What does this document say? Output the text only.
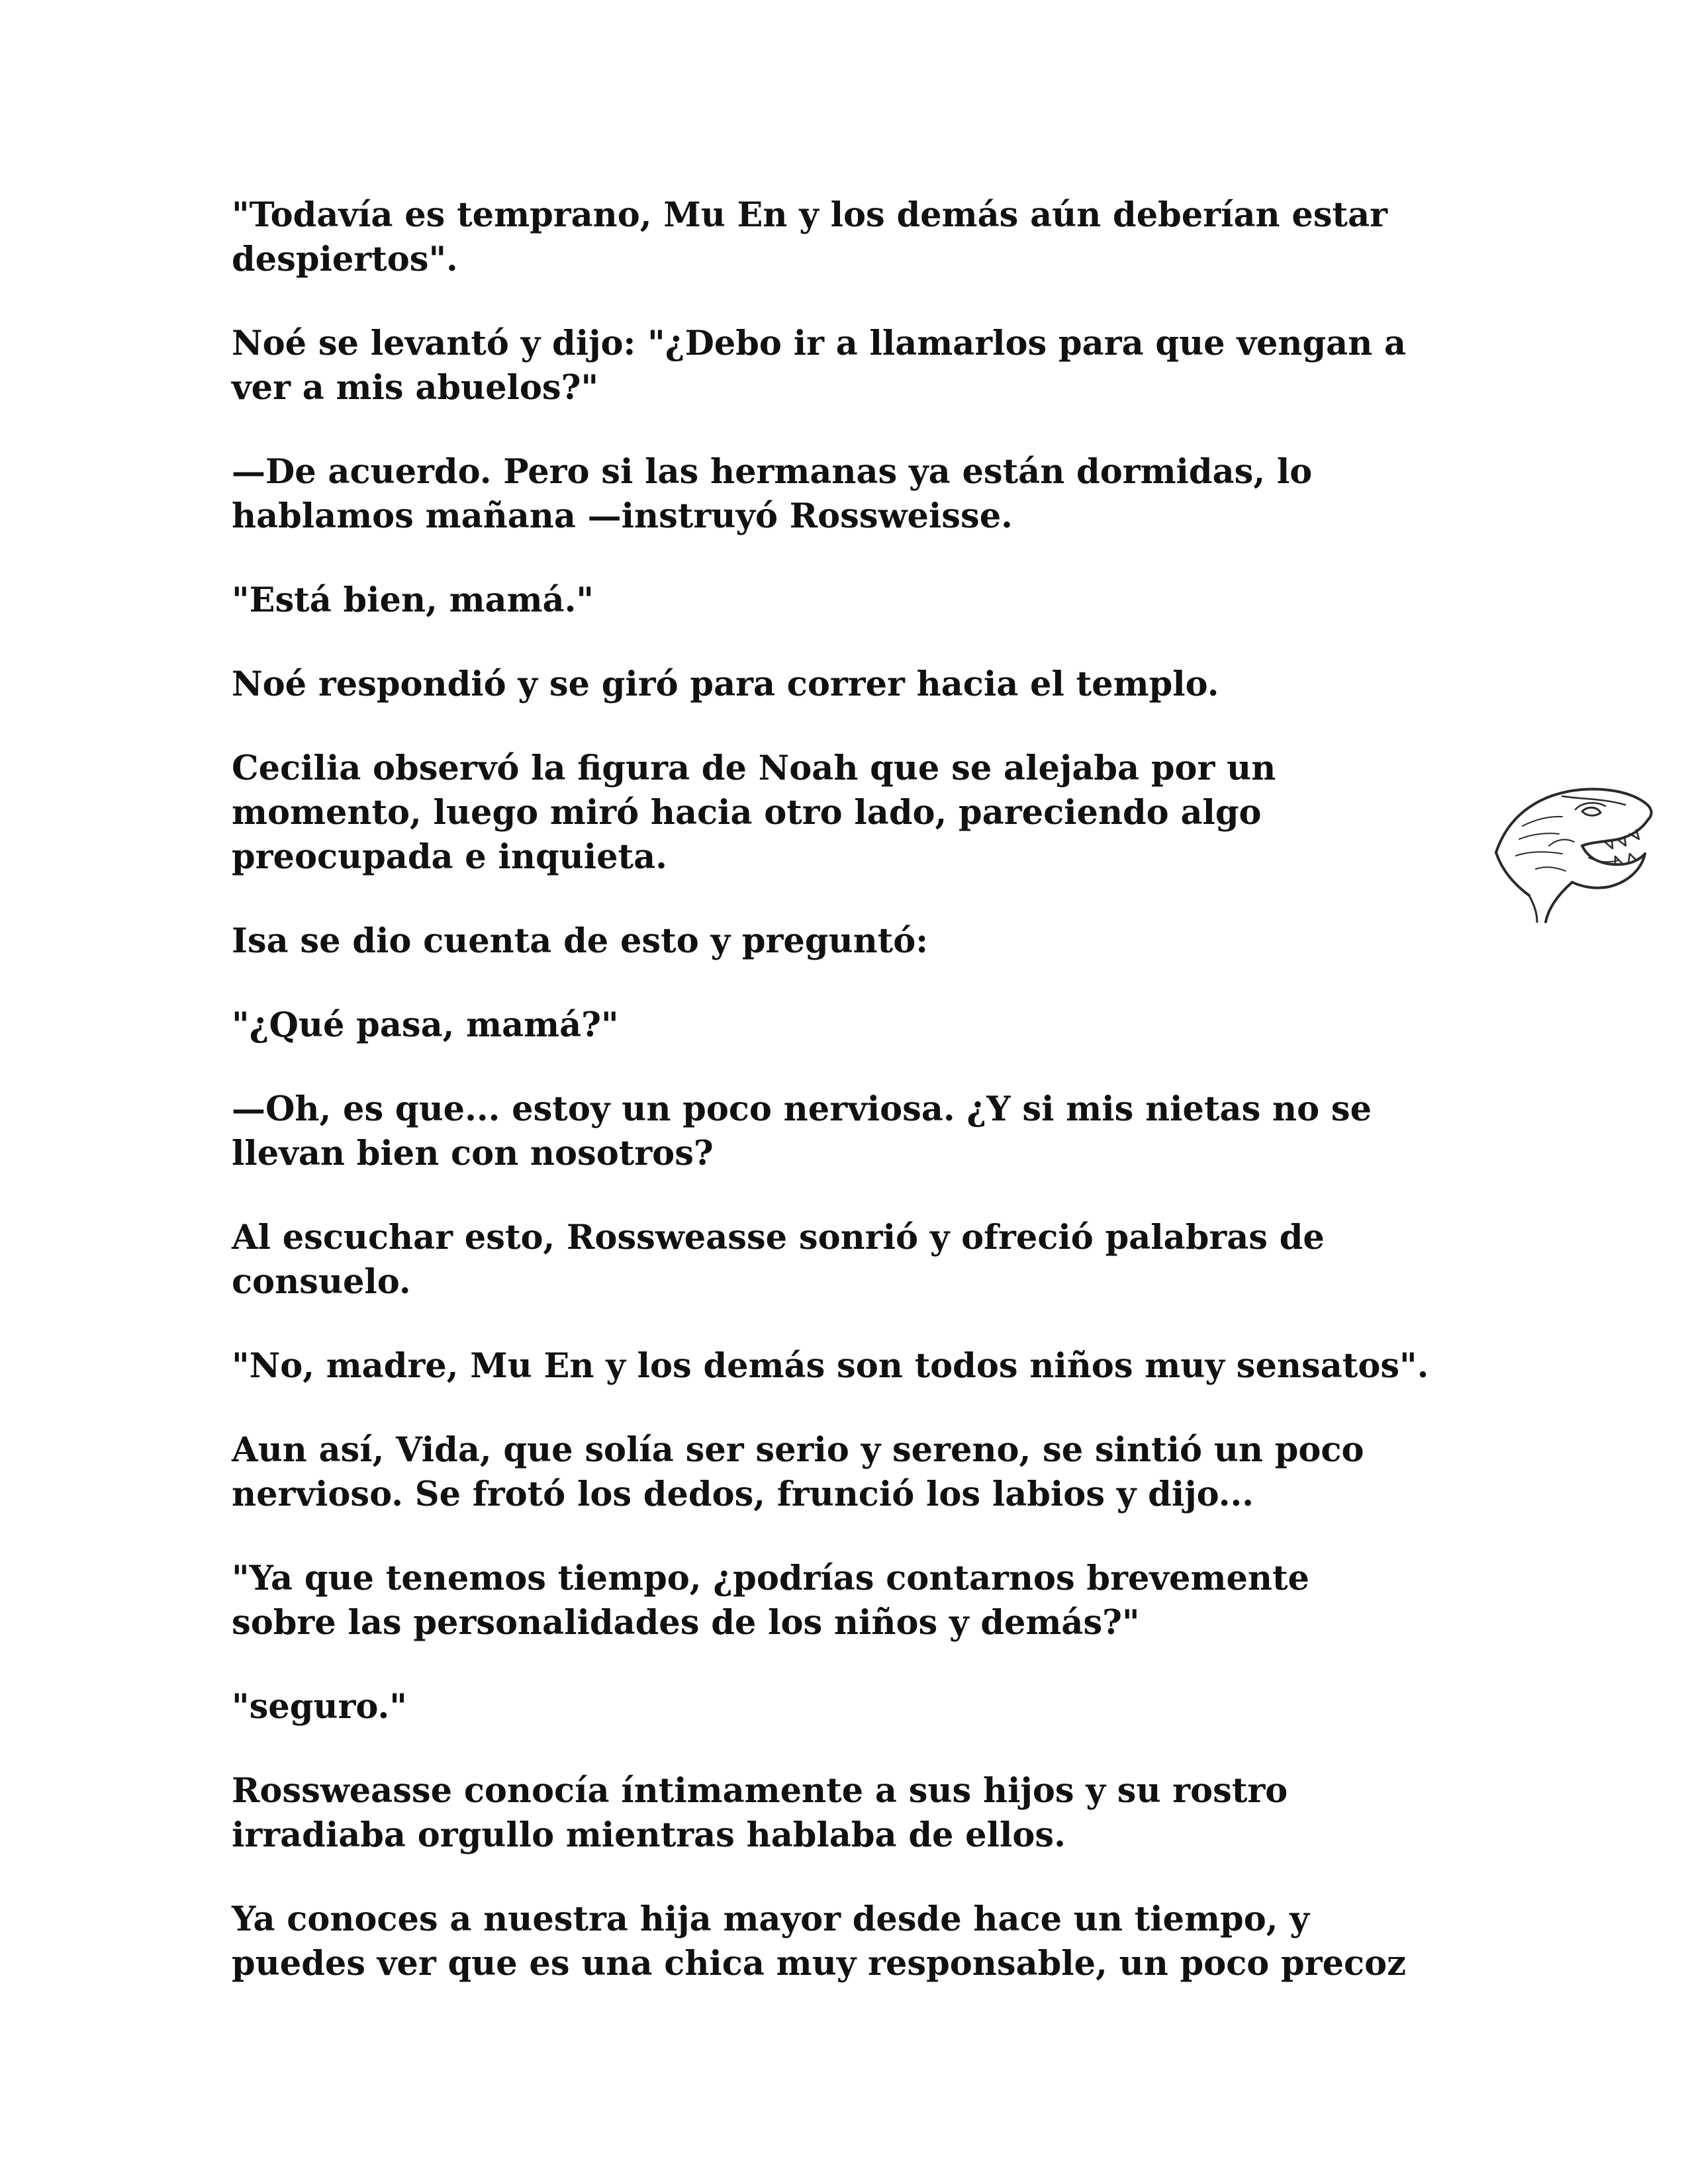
"Todavía es temprano, Mu En y los demás aún deberían estar
despiertos".

Noé se levantó y dijo: "¿Debo ir a llamarlos para que vengan a
ver a mis abuelos?"

—De acuerdo. Pero si las hermanas ya están dormidas, lo
hablamos mañana —instruyó Rossweisse.

"Está bien, mamá."

Noé respondió y se giró para correr hacia el templo.

Cecilia observó la figura de Noah que se alejaba por un
momento, luego miró hacia otro lado, pareciendo algo
preocupada e inquieta.

Isa se dio cuenta de esto y preguntó:

"¿Qué pasa, mamá?"

—Oh, es que... estoy un poco nerviosa. ¿Y si mis nietas no se
llevan bien con nosotros?

Al escuchar esto, Rossweasse sonrió y ofreció palabras de
consuelo.

"No, madre, Mu En y los demás son todos niños muy sensatos".

Aun así, Vida, que solía ser serio y sereno, se sintió un poco
nervioso. Se frotó los dedos, frunció los labios y dijo...

"Ya que tenemos tiempo, ¿podrías contarnos brevemente
sobre las personalidades de los niños y demás?"

"seguro."

Rossweasse conocía íntimamente a sus hijos y su rostro
irradiaba orgullo mientras hablaba de ellos.

Ya conoces a nuestra hija mayor desde hace un tiempo, y
puedes ver que es una chica muy responsable, un poco precoz
